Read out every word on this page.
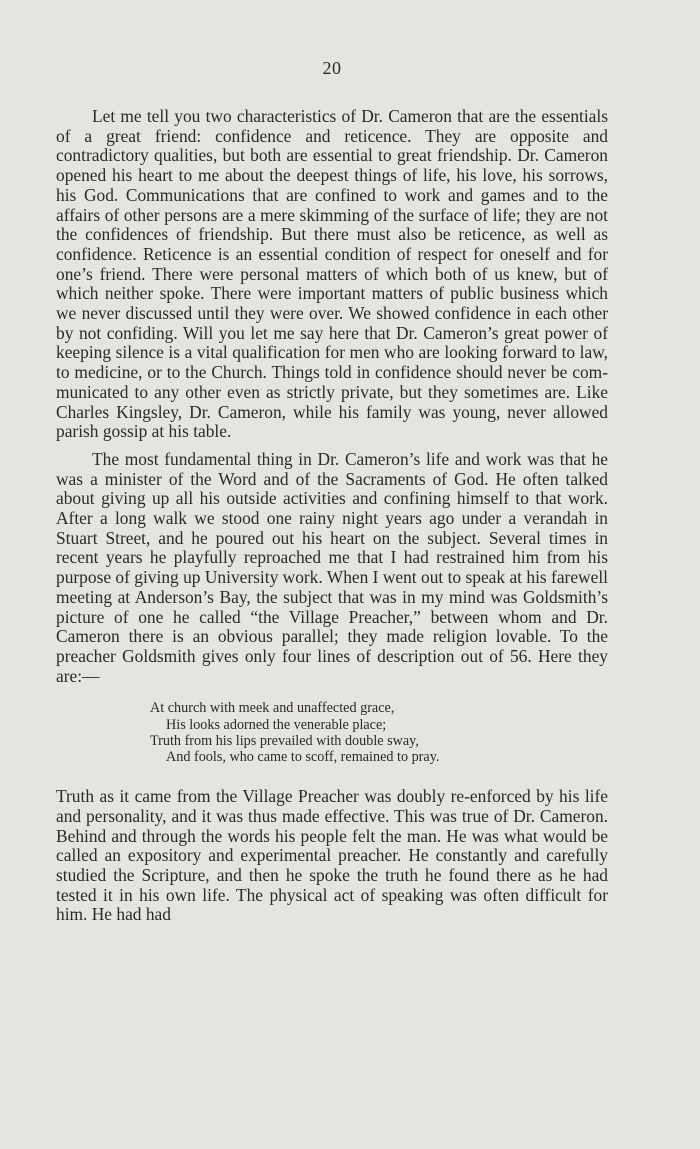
20

Let me tell you two characteristics of Dr. Cameron that are the essentials of a great friend: confidence and reticence. They are opposite and contradictory qualities, but both are essential to great friendship. Dr. Cameron opened his heart to me about the deepest things of life, his love, his sorrows, his God. Communications that are confined to work and games and to the affairs of other persons are a mere skimming of the surface of life; they are not the confidences of friendship. But there must also be reticence, as well as confidence. Reticence is an essential condition of respect for oneself and for one’s friend. There were personal matters of which both of us knew, but of which neither spoke. There were important matters of public business which we never discussed until they were over. We showed confidence in each other by not confiding. Will you let me say here that Dr. Cameron’s great power of keeping silence is a vital qualification for men who are looking forward to law, to medicine, or to the Church. Things told in confidence should never be communicated to any other even as strictly private, but they sometimes are. Like Charles Kingsley, Dr. Cameron, while his family was young, never allowed parish gossip at his table.

The most fundamental thing in Dr. Cameron’s life and work was that he was a minister of the Word and of the Sacraments of God. He often talked about giving up all his outside activities and confining himself to that work. After a long walk we stood one rainy night years ago under a verandah in Stuart Street, and he poured out his heart on the subject. Several times in recent years he playfully reproached me that I had restrained him from his purpose of giving up University work. When I went out to speak at his farewell meeting at Anderson’s Bay, the subject that was in my mind was Goldsmith’s picture of one he called “the Village Preacher,” between whom and Dr. Cameron there is an obvious parallel; they made religion lovable. To the preacher Goldsmith gives only four lines of description out of 56. Here they are:—

At church with meek and unaffected grace,
His looks adorned the venerable place;
Truth from his lips prevailed with double sway,
And fools, who came to scoff, remained to pray.

Truth as it came from the Village Preacher was doubly re-enforced by his life and personality, and it was thus made effective. This was true of Dr. Cameron. Behind and through the words his people felt the man. He was what would be called an expository and experimental preacher. He constantly and carefully studied the Scripture, and then he spoke the truth he found there as he had tested it in his own life. The physical act of speaking was often difficult for him. He had had
